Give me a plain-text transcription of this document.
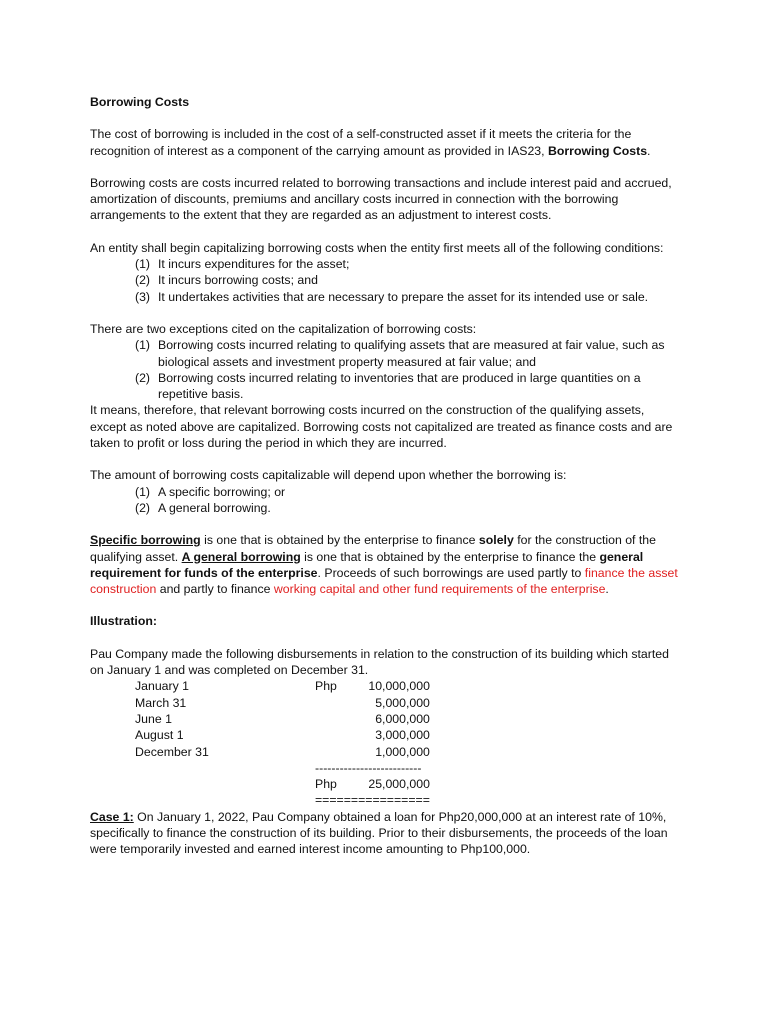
Borrowing Costs

The cost of borrowing is included in the cost of a self-constructed asset if it meets the criteria for the recognition of interest as a component of the carrying amount as provided in IAS23, Borrowing Costs.

Borrowing costs are costs incurred related to borrowing transactions and include interest paid and accrued, amortization of discounts, premiums and ancillary costs incurred in connection with the borrowing arrangements to the extent that they are regarded as an adjustment to interest costs.

An entity shall begin capitalizing borrowing costs when the entity first meets all of the following conditions:

(1) It incurs expenditures for the asset;
(2) It incurs borrowing costs; and
(3) It undertakes activities that are necessary to prepare the asset for its intended use or sale.

There are two exceptions cited on the capitalization of borrowing costs:

(1) Borrowing costs incurred relating to qualifying assets that are measured at fair value, such as biological assets and investment property measured at fair value; and
(2) Borrowing costs incurred relating to inventories that are produced in large quantities on a repetitive basis.

It means, therefore, that relevant borrowing costs incurred on the construction of the qualifying assets, except as noted above are capitalized. Borrowing costs not capitalized are treated as finance costs and are taken to profit or loss during the period in which they are incurred.

The amount of borrowing costs capitalizable will depend upon whether the borrowing is:

(1) A specific borrowing; or
(2) A general borrowing.

Specific borrowing is one that is obtained by the enterprise to finance solely for the construction of the qualifying asset. A general borrowing is one that is obtained by the enterprise to finance the general requirement for funds of the enterprise. Proceeds of such borrowings are used partly to finance the asset construction and partly to finance working capital and other fund requirements of the enterprise.

Illustration:

Pau Company made the following disbursements in relation to the construction of its building which started on January 1 and was completed on December 31.

January 1	Php	10,000,000
March 31		5,000,000
June 1		6,000,000
August 1		3,000,000
December 31		1,000,000
	--------------------------	
	Php	25,000,000
	================	

Case 1: On January 1, 2022, Pau Company obtained a loan for Php20,000,000 at an interest rate of 10%, specifically to finance the construction of its building. Prior to their disbursements, the proceeds of the loan were temporarily invested and earned interest income amounting to Php100,000.
